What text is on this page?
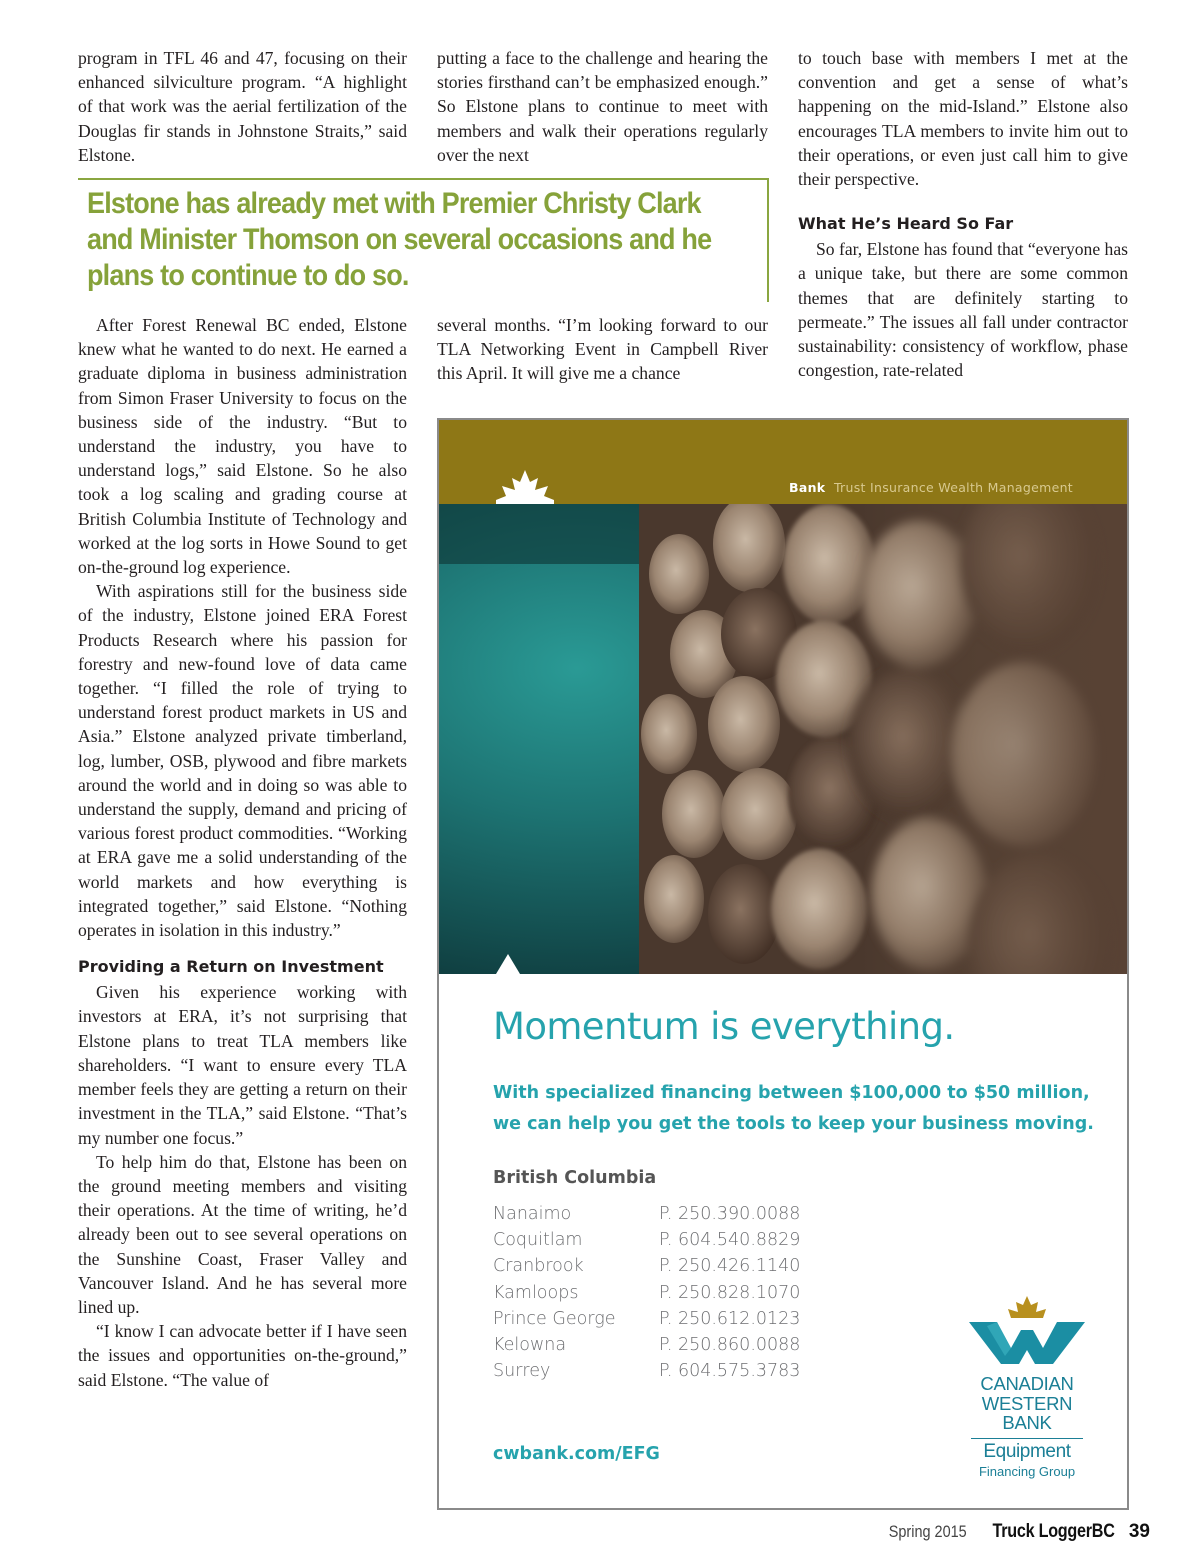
program in TFL 46 and 47, focusing on their enhanced silviculture program. “A highlight of that work was the aerial fertilization of the Douglas fir stands in Johnstone Straits,” said Elstone.

putting a face to the challenge and hearing the stories firsthand can’t be emphasized enough.” So Elstone plans to continue to meet with members and walk their operations regularly over the next

to touch base with members I met at the convention and get a sense of what’s happening on the mid-Island.” Elstone also encourages TLA members to invite him out to their operations, or even just call him to give their perspective.

What He’s Heard So Far

So far, Elstone has found that “everyone has a unique take, but there are some common themes that are definitely starting to permeate.” The issues all fall under contractor sustainability: consistency of workflow, phase congestion, rate-related

Elstone has already met with Premier Christy Clark and Minister Thomson on several occasions and he plans to continue to do so.

After Forest Renewal BC ended, Elstone knew what he wanted to do next. He earned a graduate diploma in business administration from Simon Fraser University to focus on the business side of the industry. “But to understand the industry, you have to understand logs,” said Elstone. So he also took a log scaling and grading course at British Columbia Institute of Technology and worked at the log sorts in Howe Sound to get on-the-ground log experience.

With aspirations still for the business side of the industry, Elstone joined ERA Forest Products Research where his passion for forestry and new-found love of data came together. “I filled the role of trying to understand forest product markets in US and Asia.” Elstone analyzed private timberland, log, lumber, OSB, plywood and fibre markets around the world and in doing so was able to understand the supply, demand and pricing of various forest product commodities. “Working at ERA gave me a solid understanding of the world markets and how everything is integrated together,” said Elstone. “Nothing operates in isolation in this industry.”

Providing a Return on Investment

Given his experience working with investors at ERA, it’s not surprising that Elstone plans to treat TLA members like shareholders. “I want to ensure every TLA member feels they are getting a return on their investment in the TLA,” said Elstone. “That’s my number one focus.”

To help him do that, Elstone has been on the ground meeting members and visiting their operations. At the time of writing, he’d already been out to see several operations on the Sunshine Coast, Fraser Valley and Vancouver Island. And he has several more lined up.

“I know I can advocate better if I have seen the issues and opportunities on-the-ground,” said Elstone. “The value of

several months. “I’m looking forward to our TLA Networking Event in Campbell River this April. It will give me a chance

Bank Trust Insurance Wealth Management
Momentum is everything.
With specialized financing between $100,000 to $50 million, we can help you get the tools to keep your business moving.
British Columbia
Nanaimo	P. 250.390.0088
Coquitlam	P. 604.540.8829
Cranbrook	P. 250.426.1140
Kamloops	P. 250.828.1070
Prince George	P. 250.612.0123
Kelowna	P. 250.860.0088
Surrey	P. 604.575.3783
cwbank.com/EFG
CANADIAN
WESTERN
BANK
Equipment
Financing Group
Spring 2015 Truck LoggerBC 39
